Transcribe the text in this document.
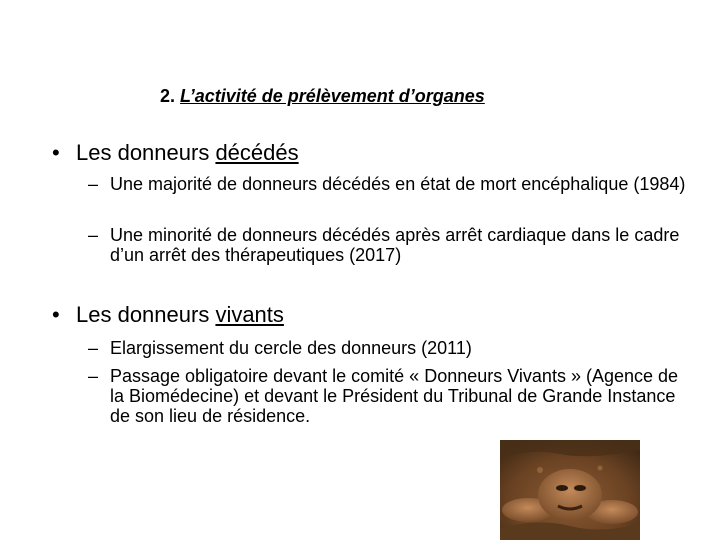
2. L’activité de prélèvement d’organes
• Les donneurs décédés
– Une majorité de donneurs décédés en état de mort encéphalique (1984)
– Une minorité de donneurs décédés après arrêt cardiaque dans le cadre d’un arrêt des thérapeutiques (2017)
• Les donneurs vivants
– Elargissement du cercle des donneurs (2011)
– Passage obligatoire devant le comité « Donneurs Vivants » (Agence de la Biomédecine) et devant le Président du Tribunal de Grande Instance de son lieu de résidence.
